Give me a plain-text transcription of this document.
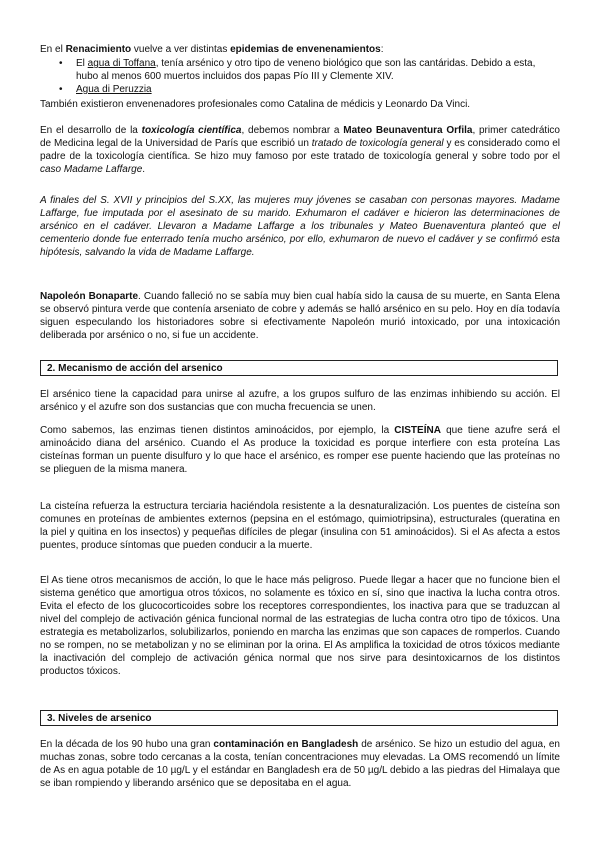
En el Renacimiento vuelve a ver distintas epidemias de envenenamientos:

• El agua di Toffana, tenía arsénico y otro tipo de veneno biológico que son las cantáridas. Debido a esta, hubo al menos 600 muertos incluidos dos papas Pío III y Clemente XIV.
• Agua di Peruzzia

También existieron envenenadores profesionales como Catalina de médicis y Leonardo Da Vinci.

En el desarrollo de la toxicología científica, debemos nombrar a Mateo Beunaventura Orfila, primer catedrático de Medicina legal de la Universidad de París que escribió un tratado de toxicología general y es considerado como el padre de la toxicología científica. Se hizo muy famoso por este tratado de toxicología general y sobre todo por el caso Madame Laffarge.

A finales del S. XVII y principios del S.XX, las mujeres muy jóvenes se casaban con personas mayores. Madame Laffarge, fue imputada por el asesinato de su marido. Exhumaron el cadáver e hicieron las determinaciones de arsénico en el cadáver. Llevaron a Madame Laffarge a los tribunales y Mateo Buenaventura planteó que el cementerio donde fue enterrado tenía mucho arsénico, por ello, exhumaron de nuevo el cadáver y se confirmó esta hipótesis, salvando la vida de Madame Laffarge.

Napoleón Bonaparte. Cuando falleció no se sabía muy bien cual había sido la causa de su muerte, en Santa Elena se observó pintura verde que contenía arseniato de cobre y además se halló arsénico en su pelo. Hoy en día todavía siguen especulando los historiadores sobre si efectivamente Napoleón murió intoxicado, por una intoxicación deliberada por arsénico o no, si fue un accidente.

2. Mecanismo de acción del arsenico

El arsénico tiene la capacidad para unirse al azufre, a los grupos sulfuro de las enzimas inhibiendo su acción. El arsénico y el azufre son dos sustancias que con mucha frecuencia se unen.

Como sabemos, las enzimas tienen distintos aminoácidos, por ejemplo, la CISTEÍNA que tiene azufre será el aminoácido diana del arsénico. Cuando el As produce la toxicidad es porque interfiere con esta proteína Las cisteínas forman un puente disulfuro y lo que hace el arsénico, es romper ese puente haciendo que las proteínas no se plieguen de la misma manera.

La cisteína refuerza la estructura terciaria haciéndola resistente a la desnaturalización. Los puentes de cisteína son comunes en proteínas de ambientes externos (pepsina en el estómago, quimiotripsina), estructurales (queratina en la piel y quitina en los insectos) y pequeñas difíciles de plegar (insulina con 51 aminoácidos). Si el As afecta a estos puentes, produce síntomas que pueden conducir a la muerte.

El As tiene otros mecanismos de acción, lo que le hace más peligroso. Puede llegar a hacer que no funcione bien el sistema genético que amortigua otros tóxicos, no solamente es tóxico en sí, sino que inactiva la lucha contra otros. Evita el efecto de los glucocorticoides sobre los receptores correspondientes, los inactiva para que se traduzcan al nivel del complejo de activación génica funcional normal de las estrategias de lucha contra otro tipo de tóxicos. Una estrategia es metabolizarlos, solubilizarlos, poniendo en marcha las enzimas que son capaces de romperlos. Cuando no se rompen, no se metabolizan y no se eliminan por la orina. El As amplifica la toxicidad de otros tóxicos mediante la inactivación del complejo de activación génica normal que nos sirve para desintoxicarnos de los distintos productos tóxicos.

3. Niveles de arsenico

En la década de los 90 hubo una gran contaminación en Bangladesh de arsénico. Se hizo un estudio del agua, en muchas zonas, sobre todo cercanas a la costa, tenían concentraciones muy elevadas. La OMS recomendó un límite de As en agua potable de 10 µg/L y el estándar en Bangladesh era de 50 µg/L debido a las piedras del Himalaya que se iban rompiendo y liberando arsénico que se depositaba en el agua.
